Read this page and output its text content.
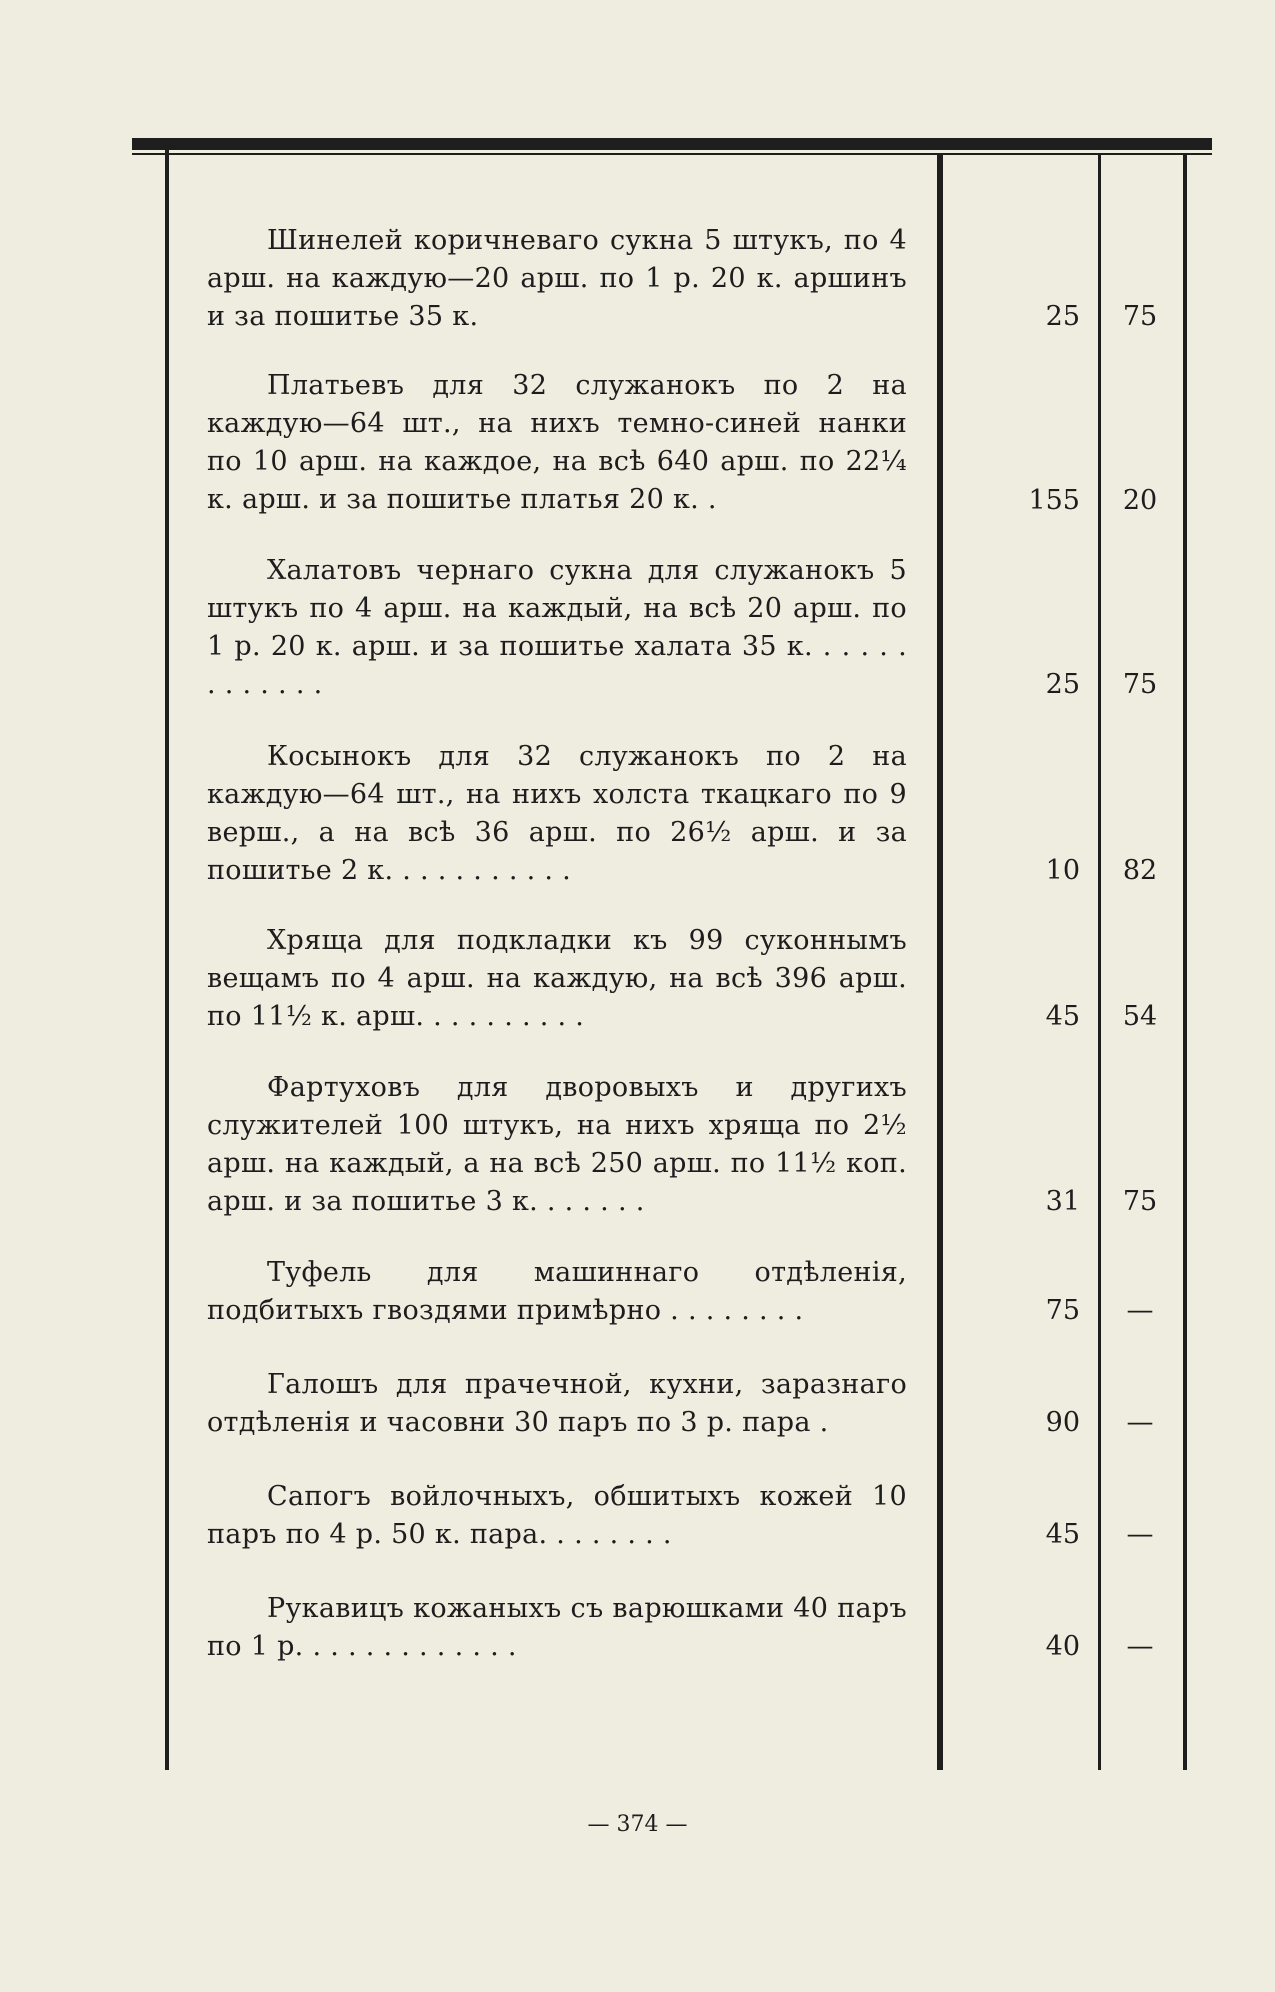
Шинелей коричневаго сукна 5 штукъ, по 4 арш. на каждую—20 арш. по 1 р. 20 к. аршинъ и за пошитье 35 к.	25	75

Платьевъ для 32 служанокъ по 2 на каждую—64 шт., на нихъ темно-синей нанки по 10 арш. на каждое, на всѣ 640 арш. по 22¼ к. арш. и за пошитье платья 20 к. .	155	20

Халатовъ чернаго сукна для служанокъ 5 штукъ по 4 арш. на каждый, на всѣ 20 арш. по 1 р. 20 к. арш. и за пошитье халата 35 к. . . . . . . . . . . . .	25	75

Косынокъ для 32 служанокъ по 2 на каждую—64 шт., на нихъ холста ткацкаго по 9 верш., а на всѣ 36 арш. по 26½ арш. и за пошитье 2 к. . . . . . . . . . .	10	82

Хряща для подкладки къ 99 суконнымъ вещамъ по 4 арш. на каждую, на всѣ 396 арш. по 11½ к. арш. . . . . . . . . .	45	54

Фартуховъ для дворовыхъ и другихъ служителей 100 штукъ, на нихъ хряща по 2½ арш. на каждый, а на всѣ 250 арш. по 11½ коп. арш. и за пошитье 3 к. . . . . . .	31	75

Туфель для машиннаго отдѣленія, подбитыхъ гвоздями примѣрно . . . . . . . .	75	—

Галошъ для прачечной, кухни, заразнаго отдѣленія и часовни 30 паръ по 3 р. пара .	90	—

Сапогъ войлочныхъ, обшитыхъ кожей 10 паръ по 4 р. 50 к. пара. . . . . . . .	45	—

Рукавицъ кожаныхъ съ варюшками 40 паръ по 1 р. . . . . . . . . . . . .	40	—
— 374 —
